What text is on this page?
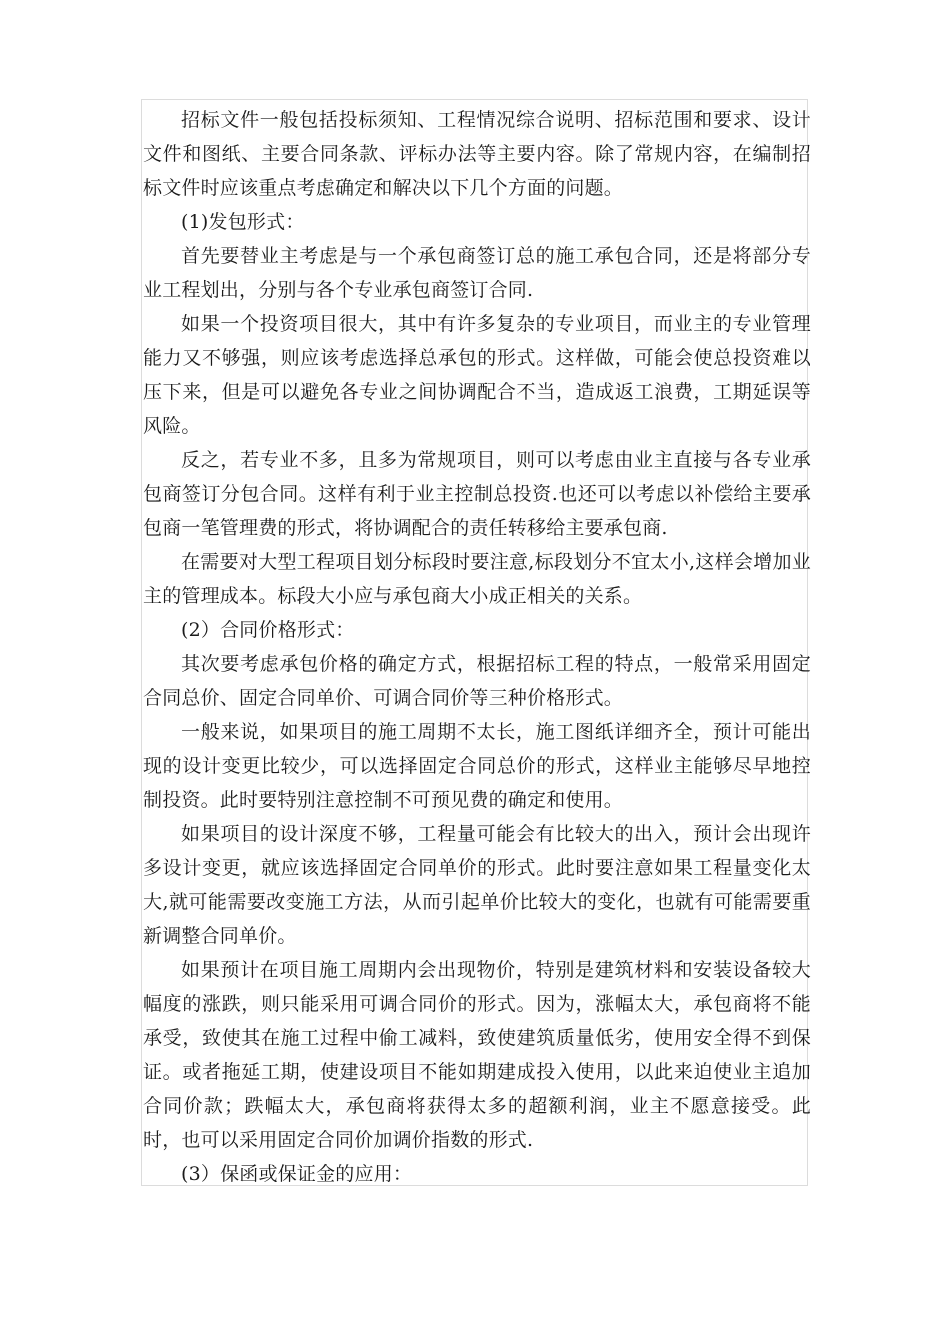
招标文件一般包括投标须知、工程情况综合说明、招标范围和要求、设计文件和图纸、主要合同条款、评标办法等主要内容。除了常规内容，在编制招标文件时应该重点考虑确定和解决以下几个方面的问题。

(1)发包形式：

首先要替业主考虑是与一个承包商签订总的施工承包合同，还是将部分专业工程划出，分别与各个专业承包商签订合同.

如果一个投资项目很大，其中有许多复杂的专业项目，而业主的专业管理能力又不够强，则应该考虑选择总承包的形式。这样做，可能会使总投资难以压下来，但是可以避免各专业之间协调配合不当，造成返工浪费，工期延误等风险。

反之，若专业不多，且多为常规项目，则可以考虑由业主直接与各专业承包商签订分包合同。这样有利于业主控制总投资.也还可以考虑以补偿给主要承包商一笔管理费的形式，将协调配合的责任转移给主要承包商.

在需要对大型工程项目划分标段时要注意,标段划分不宜太小,这样会增加业主的管理成本。标段大小应与承包商大小成正相关的关系。

(2）合同价格形式：

其次要考虑承包价格的确定方式，根据招标工程的特点，一般常采用固定合同总价、固定合同单价、可调合同价等三种价格形式。

一般来说，如果项目的施工周期不太长，施工图纸详细齐全，预计可能出现的设计变更比较少，可以选择固定合同总价的形式，这样业主能够尽早地控制投资。此时要特别注意控制不可预见费的确定和使用。

如果项目的设计深度不够，工程量可能会有比较大的出入，预计会出现许多设计变更，就应该选择固定合同单价的形式。此时要注意如果工程量变化太大,就可能需要改变施工方法，从而引起单价比较大的变化，也就有可能需要重新调整合同单价。

如果预计在项目施工周期内会出现物价，特别是建筑材料和安装设备较大幅度的涨跌，则只能采用可调合同价的形式。因为，涨幅太大，承包商将不能承受，致使其在施工过程中偷工减料，致使建筑质量低劣，使用安全得不到保证。或者拖延工期，使建设项目不能如期建成投入使用，以此来迫使业主追加合同价款；跌幅太大，承包商将获得太多的超额利润，业主不愿意接受。此时，也可以采用固定合同价加调价指数的形式.

(3）保函或保证金的应用：
